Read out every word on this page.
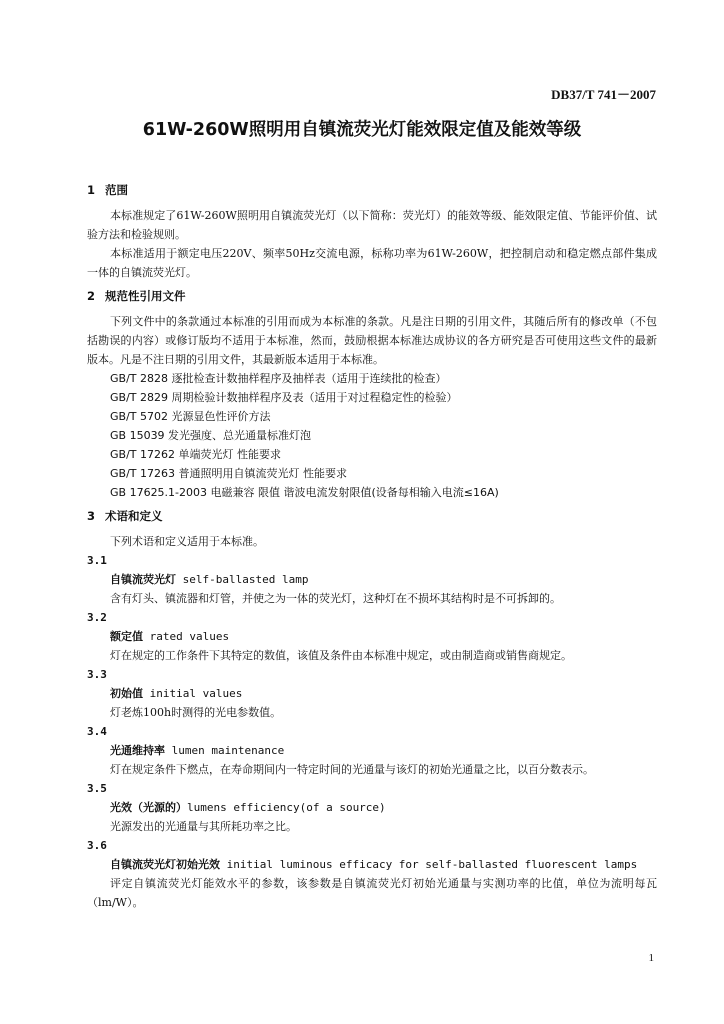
DB37/T 741－2007
61W-260W照明用自镇流荧光灯能效限定值及能效等级
1 范围

本标准规定了61W-260W照明用自镇流荧光灯（以下简称：荧光灯）的能效等级、能效限定值、节能评价值、试验方法和检验规则。

本标准适用于额定电压220V、频率50Hz交流电源，标称功率为61W-260W，把控制启动和稳定燃点部件集成一体的自镇流荧光灯。

2 规范性引用文件

下列文件中的条款通过本标准的引用而成为本标准的条款。凡是注日期的引用文件，其随后所有的修改单（不包括勘误的内容）或修订版均不适用于本标准，然而，鼓励根据本标准达成协议的各方研究是否可使用这些文件的最新版本。凡是不注日期的引用文件，其最新版本适用于本标准。

GB/T 2828 逐批检查计数抽样程序及抽样表（适用于连续批的检查）

GB/T 2829 周期检验计数抽样程序及表（适用于对过程稳定性的检验）

GB/T 5702 光源显色性评价方法

GB 15039 发光强度、总光通量标准灯泡

GB/T 17262 单端荧光灯 性能要求

GB/T 17263 普通照明用自镇流荧光灯 性能要求

GB 17625.1-2003 电磁兼容 限值 谐波电流发射限值(设备每相输入电流≤16A)

3 术语和定义

下列术语和定义适用于本标准。

3.1

自镇流荧光灯 self-ballasted lamp

含有灯头、镇流器和灯管，并使之为一体的荧光灯，这种灯在不损坏其结构时是不可拆卸的。

3.2

额定值 rated values

灯在规定的工作条件下其特定的数值，该值及条件由本标准中规定，或由制造商或销售商规定。

3.3

初始值 initial values

灯老炼100h时测得的光电参数值。

3.4

光通维持率 lumen maintenance

灯在规定条件下燃点，在寿命期间内一特定时间的光通量与该灯的初始光通量之比，以百分数表示。

3.5

光效（光源的）lumens efficiency(of a source)

光源发出的光通量与其所耗功率之比。

3.6

自镇流荧光灯初始光效 initial luminous efficacy for self-ballasted fluorescent lamps

评定自镇流荧光灯能效水平的参数，该参数是自镇流荧光灯初始光通量与实测功率的比值，单位为流明每瓦（lm/W）。

1
